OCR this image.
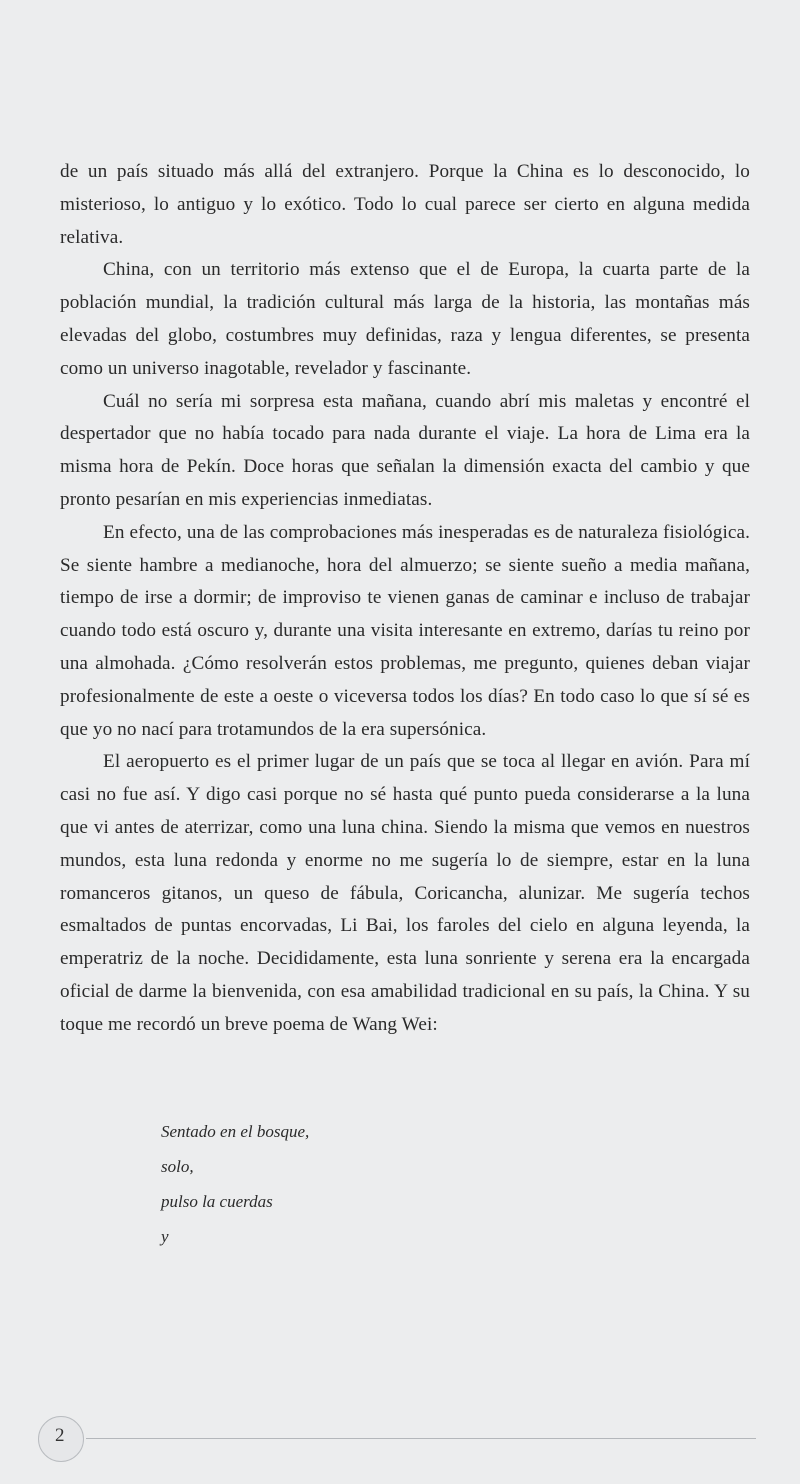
de un país situado más allá del extranjero. Porque la China es lo desconocido, lo misterioso, lo antiguo y lo exótico. Todo lo cual parece ser cierto en alguna medida relativa.

China, con un territorio más extenso que el de Europa, la cuarta parte de la población mundial, la tradición cultural más larga de la historia, las montañas más elevadas del globo, costumbres muy definidas, raza y lengua diferentes, se presenta como un universo inagotable, revelador y fascinante.

Cuál no sería mi sorpresa esta mañana, cuando abrí mis maletas y encontré el despertador que no había tocado para nada durante el viaje. La hora de Lima era la misma hora de Pekín. Doce horas que señalan la dimensión exacta del cambio y que pronto pesarían en mis experiencias inmediatas.

En efecto, una de las comprobaciones más inesperadas es de naturaleza fisiológica. Se siente hambre a medianoche, hora del almuerzo; se siente sueño a media mañana, tiempo de irse a dormir; de improviso te vienen ganas de caminar e incluso de trabajar cuando todo está oscuro y, durante una visita interesante en extremo, darías tu reino por una almohada. ¿Cómo resolverán estos problemas, me pregunto, quienes deban viajar profesionalmente de este a oeste o viceversa todos los días? En todo caso lo que sí sé es que yo no nací para trotamundos de la era supersónica.

El aeropuerto es el primer lugar de un país que se toca al llegar en avión. Para mí casi no fue así. Y digo casi porque no sé hasta qué punto pueda considerarse a la luna que vi antes de aterrizar, como una luna china. Siendo la misma que vemos en nuestros mundos, esta luna redonda y enorme no me sugería lo de siempre, estar en la luna romanceros gitanos, un queso de fábula, Coricancha, alunizar. Me sugería techos esmaltados de puntas encorvadas, Li Bai, los faroles del cielo en alguna leyenda, la emperatriz de la noche. Decididamente, esta luna sonriente y serena era la encargada oficial de darme la bienvenida, con esa amabilidad tradicional en su país, la China. Y su toque me recordó un breve poema de Wang Wei:

Sentado en el bosque,
solo,
pulso la cuerdas
y
2
